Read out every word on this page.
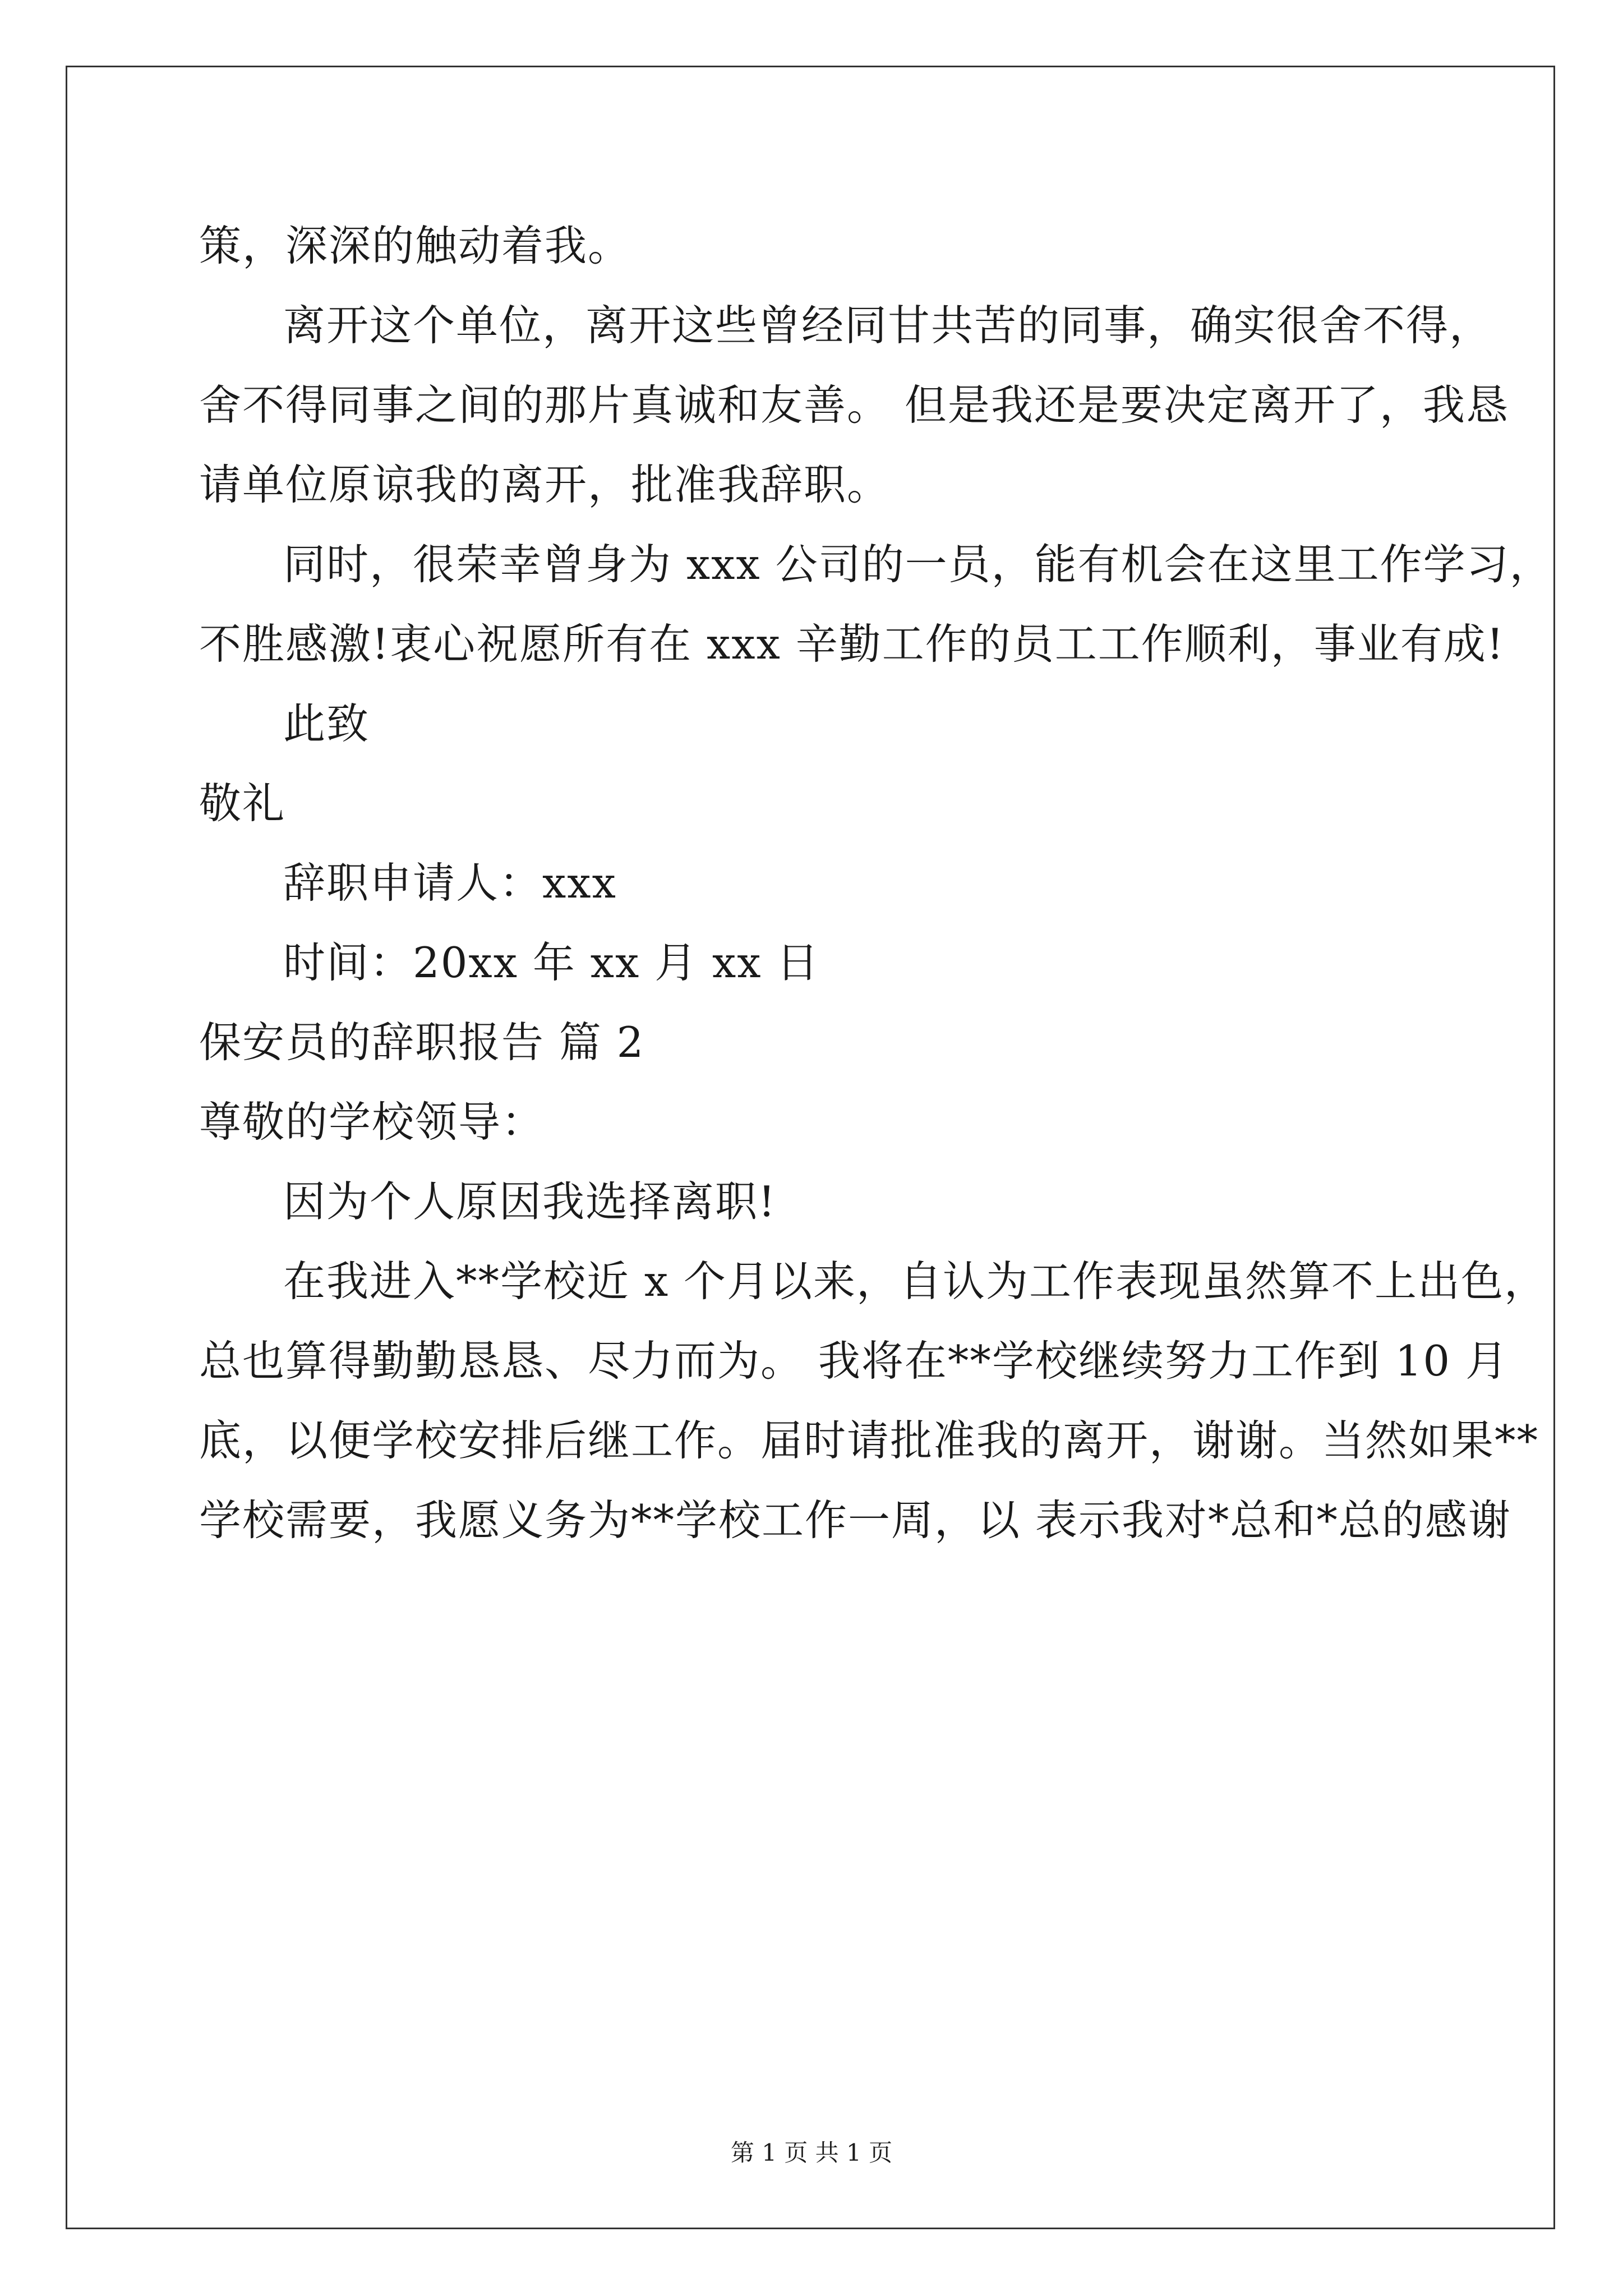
策，深深的触动着我。
离开这个单位，离开这些曾经同甘共苦的同事，确实很舍不得，
舍不得同事之间的那片真诚和友善。 但是我还是要决定离开了，我恳
请单位原谅我的离开，批准我辞职。
同时，很荣幸曾身为 xxx 公司的一员，能有机会在这里工作学习，
不胜感激!衷心祝愿所有在 xxx 辛勤工作的员工工作顺利，事业有成!
此致
敬礼
辞职申请人：xxx
时间：20xx 年 xx 月 xx 日
保安员的辞职报告 篇 2
尊敬的学校领导：
因为个人原因我选择离职!
在我进入**学校近 x 个月以来，自认为工作表现虽然算不上出色，
总也算得勤勤恳恳、尽力而为。 我将在**学校继续努力工作到 10 月
底，以便学校安排后继工作。届时请批准我的离开，谢谢。当然如果**
学校需要，我愿义务为**学校工作一周，以 表示我对*总和*总的感谢
第 1 页 共 1 页
